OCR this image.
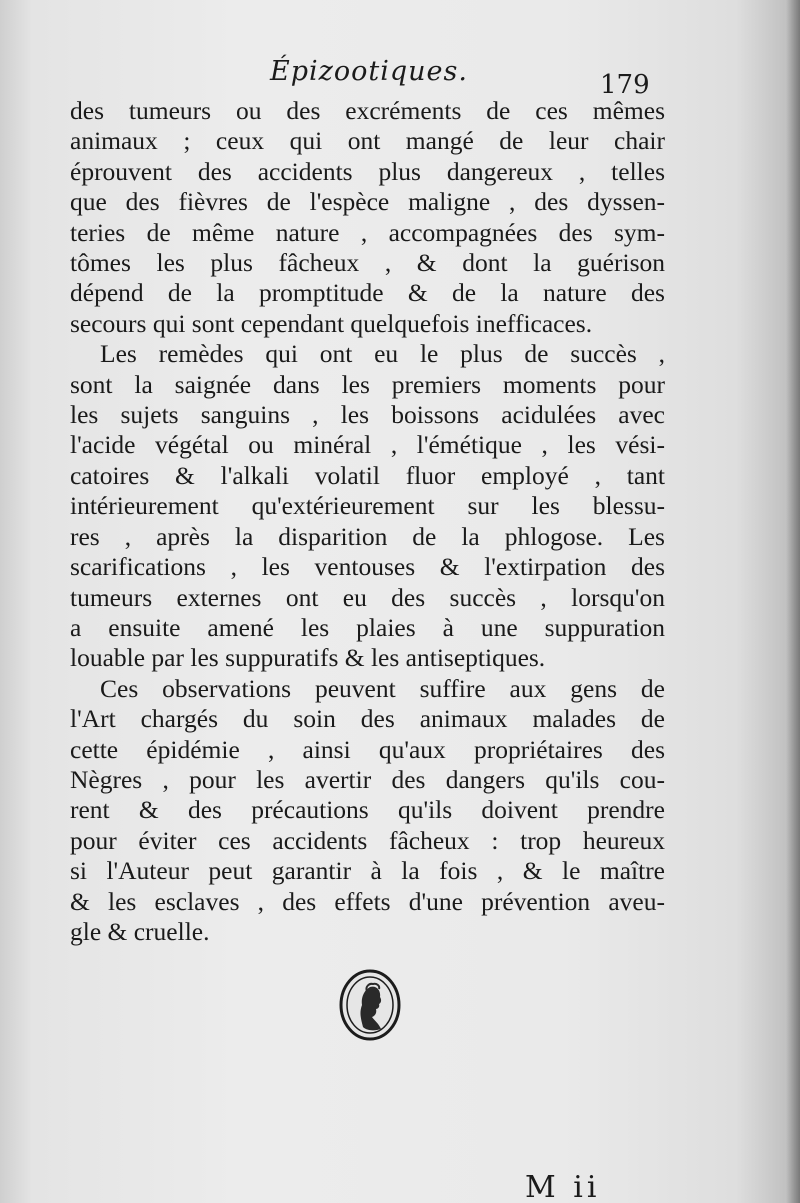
Épizootiques.	179
des tumeurs ou des excréments de ces mêmes
animaux ; ceux qui ont mangé de leur chair
éprouvent des accidents plus dangereux , telles
que des fièvres de l'espèce maligne , des dyssen-
teries de même nature , accompagnées des sym-
tômes les plus fâcheux , & dont la guérison
dépend de la promptitude & de la nature des
secours qui sont cependant quelquefois inefficaces.
Les remèdes qui ont eu le plus de succès ,
sont la saignée dans les premiers moments pour
les sujets sanguins , les boissons acidulées avec
l'acide végétal ou minéral , l'émétique , les vési-
catoires & l'alkali volatil fluor employé , tant
intérieurement qu'extérieurement sur les blessu-
res , après la disparition de la phlogose. Les
scarifications , les ventouses & l'extirpation des
tumeurs externes ont eu des succès , lorsqu'on
a ensuite amené les plaies à une suppuration
louable par les suppuratifs & les antiseptiques.
Ces observations peuvent suffire aux gens de
l'Art chargés du soin des animaux malades de
cette épidémie , ainsi qu'aux propriétaires des
Nègres , pour les avertir des dangers qu'ils cou-
rent & des précautions qu'ils doivent prendre
pour éviter ces accidents fâcheux : trop heureux
si l'Auteur peut garantir à la fois , & le maître
& les esclaves , des effets d'une prévention aveu-
gle & cruelle.
M ii
